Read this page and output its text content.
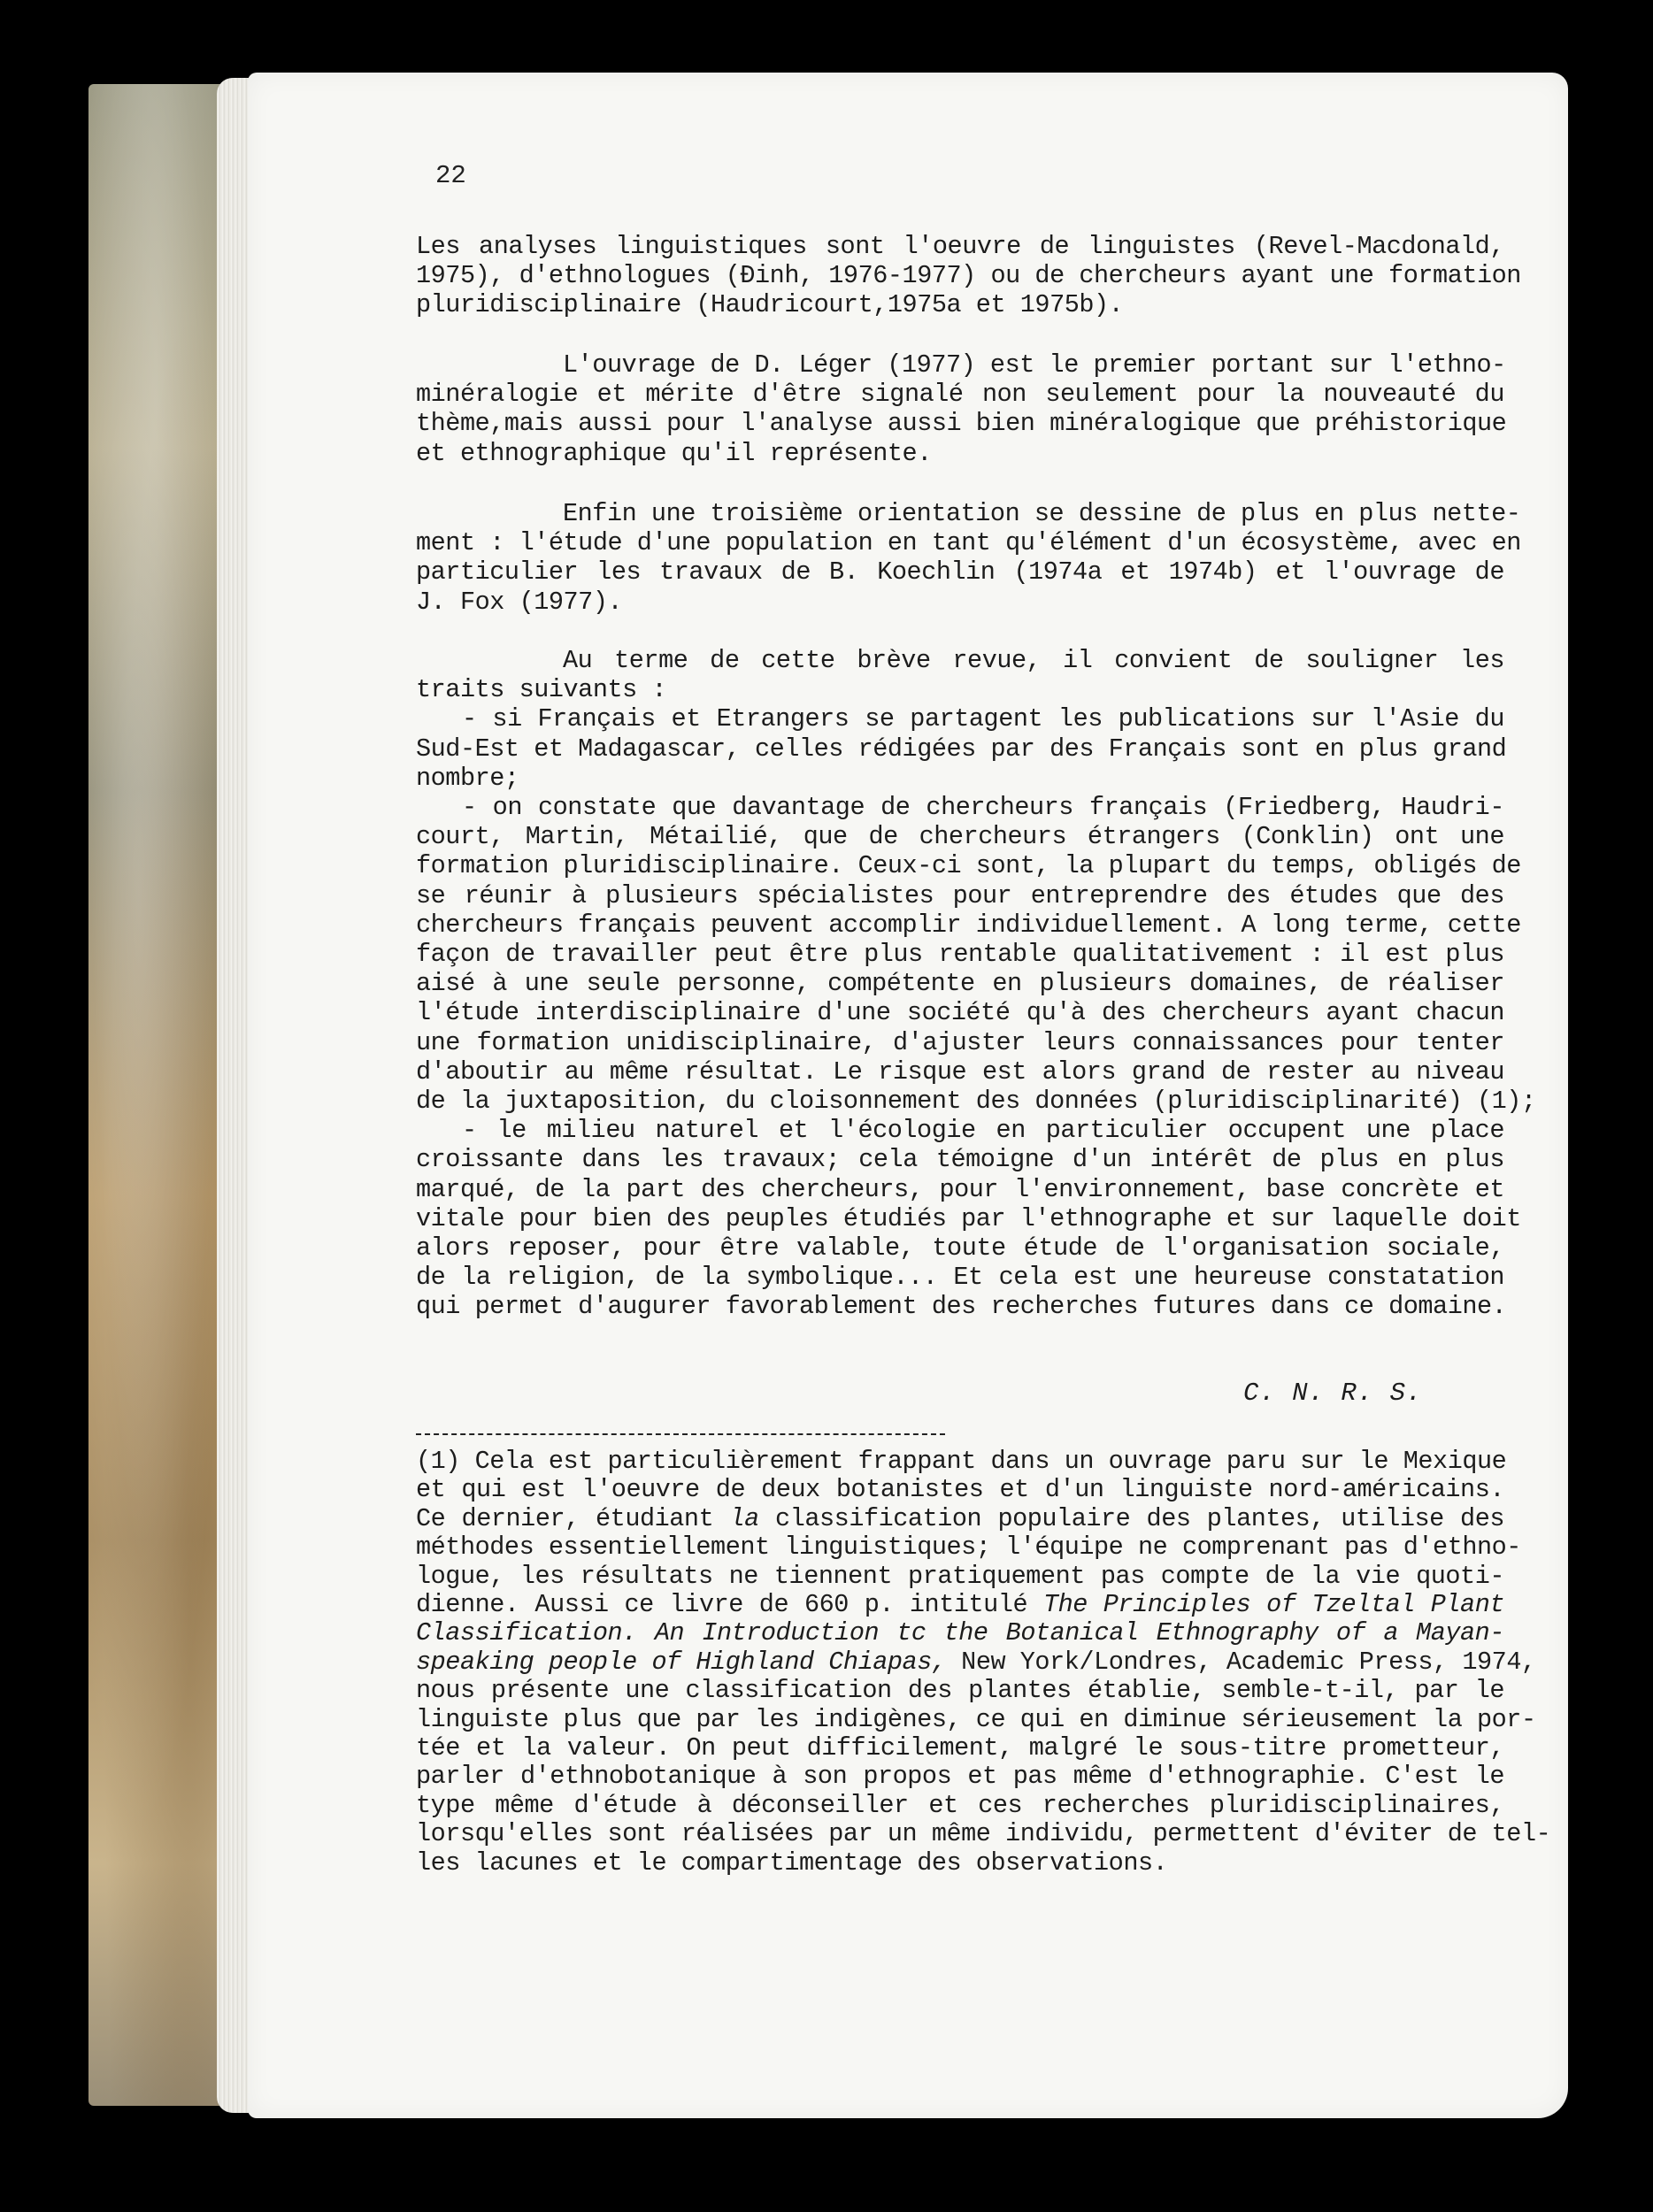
22
Les analyses linguistiques sont l'oeuvre de linguistes (Revel-Macdonald,
1975), d'ethnologues (Đinh, 1976-1977) ou de chercheurs ayant une formation
pluridisciplinaire (Haudricourt,1975a et 1975b).
L'ouvrage de D. Léger (1977) est le premier portant sur l'ethno-
minéralogie et mérite d'être signalé non seulement pour la nouveauté du
thème,mais aussi pour l'analyse aussi bien minéralogique que préhistorique
et ethnographique qu'il représente.
Enfin une troisième orientation se dessine de plus en plus nette-
ment : l'étude d'une population en tant qu'élément d'un écosystème, avec en
particulier les travaux de B. Koechlin (1974a et 1974b) et l'ouvrage de
J. Fox (1977).
Au terme de cette brève revue, il convient de souligner les
traits suivants :
- si Français et Etrangers se partagent les publications sur l'Asie du
Sud-Est et Madagascar, celles rédigées par des Français sont en plus grand
nombre;
- on constate que davantage de chercheurs français (Friedberg, Haudri-
court, Martin, Métailié, que de chercheurs étrangers (Conklin) ont une
formation pluridisciplinaire. Ceux-ci sont, la plupart du temps, obligés de
se réunir à plusieurs spécialistes pour entreprendre des études que des
chercheurs français peuvent accomplir individuellement. A long terme, cette
façon de travailler peut être plus rentable qualitativement : il est plus
aisé à une seule personne, compétente en plusieurs domaines, de réaliser
l'étude interdisciplinaire d'une société qu'à des chercheurs ayant chacun
une formation unidisciplinaire, d'ajuster leurs connaissances pour tenter
d'aboutir au même résultat. Le risque est alors grand de rester au niveau
de la juxtaposition, du cloisonnement des données (pluridisciplinarité) (1);
- le milieu naturel et l'écologie en particulier occupent une place
croissante dans les travaux; cela témoigne d'un intérêt de plus en plus
marqué, de la part des chercheurs, pour l'environnement, base concrète et
vitale pour bien des peuples étudiés par l'ethnographe et sur laquelle doit
alors reposer, pour être valable, toute étude de l'organisation sociale,
de la religion, de la symbolique... Et cela est une heureuse constatation
qui permet d'augurer favorablement des recherches futures dans ce domaine.
C. N. R. S.
(1) Cela est particulièrement frappant dans un ouvrage paru sur le Mexique
et qui est l'oeuvre de deux botanistes et d'un linguiste nord-américains.
Ce dernier, étudiant la classification populaire des plantes, utilise des
méthodes essentiellement linguistiques; l'équipe ne comprenant pas d'ethno-
logue, les résultats ne tiennent pratiquement pas compte de la vie quoti-
dienne. Aussi ce livre de 660 p. intitulé The Principles of Tzeltal Plant
Classification. An Introduction tc the Botanical Ethnography of a Mayan-
speaking people of Highland Chiapas, New York/Londres, Academic Press, 1974,
nous présente une classification des plantes établie, semble-t-il, par le
linguiste plus que par les indigènes, ce qui en diminue sérieusement la por-
tée et la valeur. On peut difficilement, malgré le sous-titre prometteur,
parler d'ethnobotanique à son propos et pas même d'ethnographie. C'est le
type même d'étude à déconseiller et ces recherches pluridisciplinaires,
lorsqu'elles sont réalisées par un même individu, permettent d'éviter de tel-
les lacunes et le compartimentage des observations.
